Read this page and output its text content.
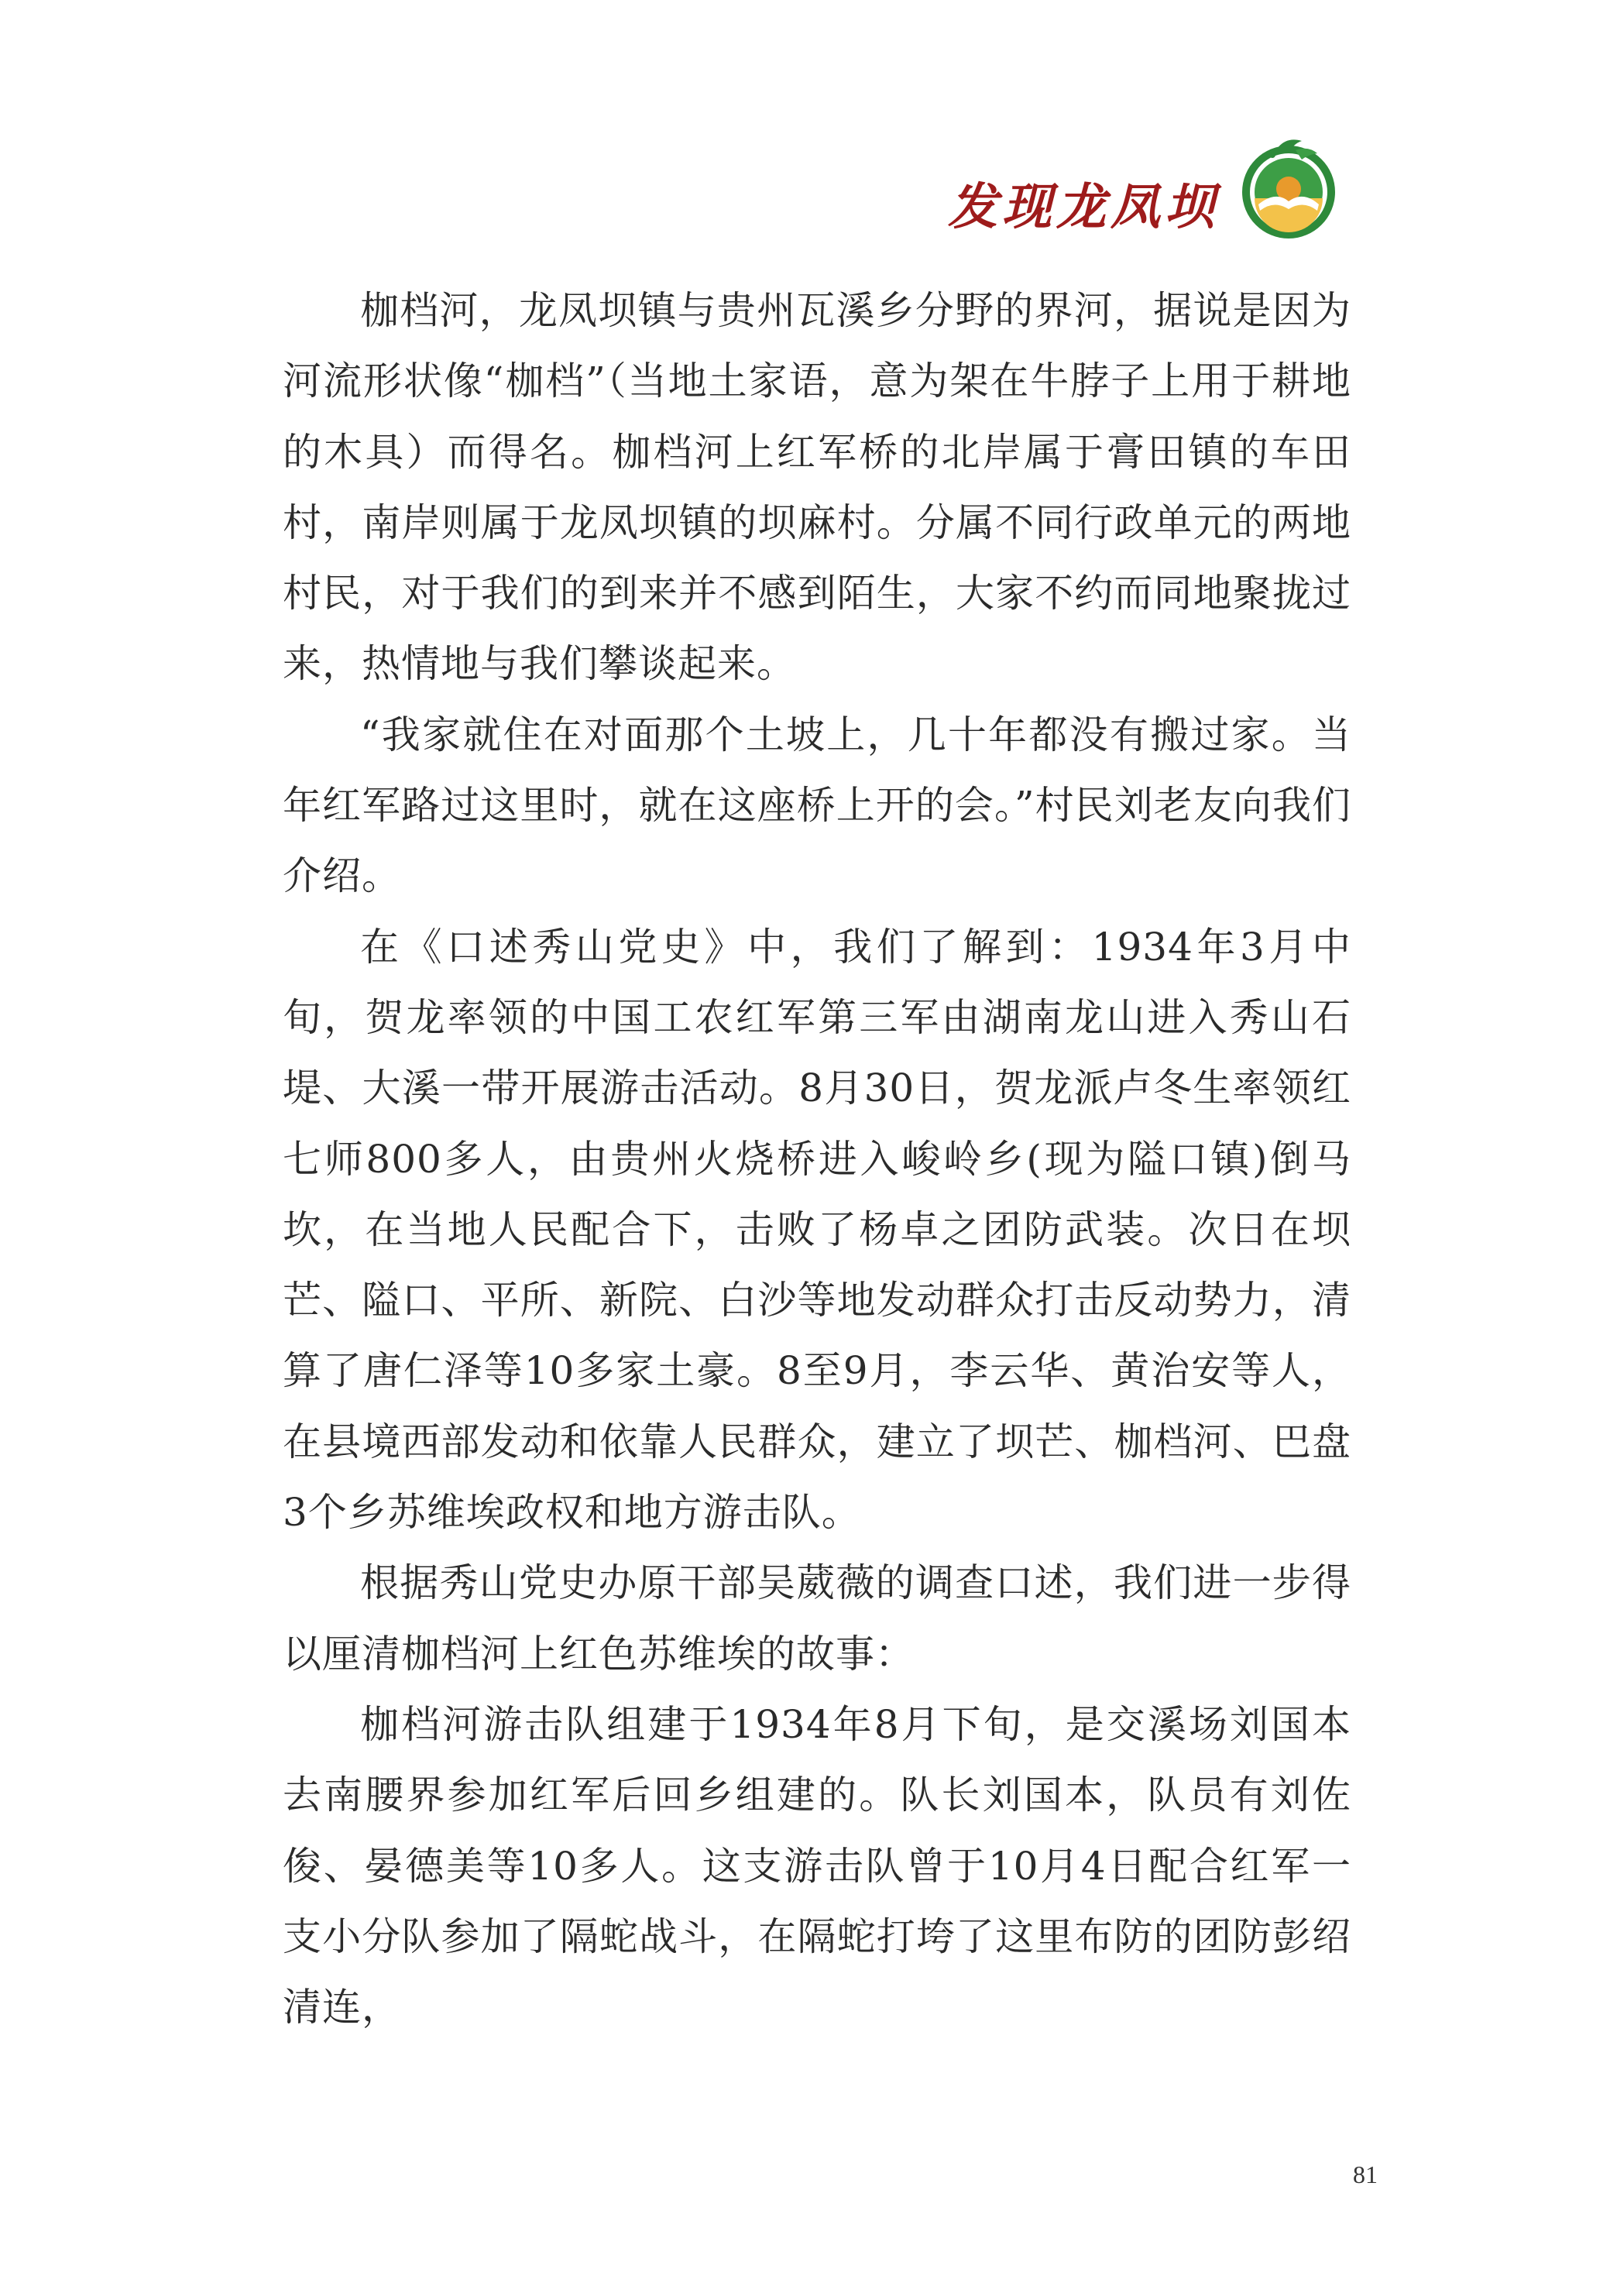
发现龙凤坝

枷档河，龙凤坝镇与贵州瓦溪乡分野的界河，据说是因为河流形状像“枷档”（当地土家语，意为架在牛脖子上用于耕地的木具）而得名。枷档河上红军桥的北岸属于膏田镇的车田村，南岸则属于龙凤坝镇的坝麻村。分属不同行政单元的两地村民，对于我们的到来并不感到陌生，大家不约而同地聚拢过来，热情地与我们攀谈起来。

“我家就住在对面那个土坡上，几十年都没有搬过家。当年红军路过这里时，就在这座桥上开的会。”村民刘老友向我们介绍。

在《口述秀山党史》中，我们了解到：1934年3月中旬，贺龙率领的中国工农红军第三军由湖南龙山进入秀山石堤、大溪一带开展游击活动。8月30日，贺龙派卢冬生率领红七师800多人，由贵州火烧桥进入峻岭乡(现为隘口镇)倒马坎，在当地人民配合下，击败了杨卓之团防武装。次日在坝芒、隘口、平所、新院、白沙等地发动群众打击反动势力，清算了唐仁泽等10多家土豪。8至9月，李云华、黄治安等人，在县境西部发动和依靠人民群众，建立了坝芒、枷档河、巴盘3个乡苏维埃政权和地方游击队。

根据秀山党史办原干部吴葳薇的调查口述，我们进一步得以厘清枷档河上红色苏维埃的故事：

枷档河游击队组建于1934年8月下旬，是交溪场刘国本去南腰界参加红军后回乡组建的。队长刘国本，队员有刘佐俊、晏德美等10多人。这支游击队曾于10月4日配合红军一支小分队参加了隔蛇战斗，在隔蛇打垮了这里布防的团防彭绍清连，

81
